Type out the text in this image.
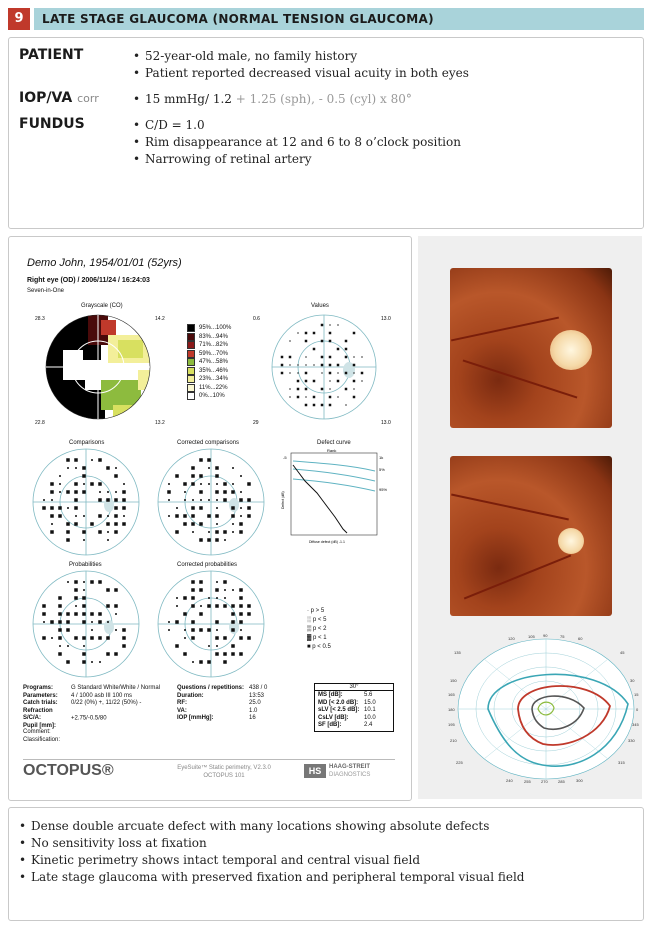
9	LATE STAGE GLAUCOMA (NORMAL TENSION GLAUCOMA)
PATIENT	• 52-year-old male, no family history
• Patient reported decreased visual acuity in both eyes
IOP/VA corr	• 15 mmHg/ 1.2 + 1.25 (sph), - 0.5 (cyl) x 80°
FUNDUS	• C/D = 1.0
• Rim disappearance at 12 and 6 to 8 o’clock position
• Narrowing of retinal artery
Demo John, 1954/01/01 (52yrs)
Right eye (OD) / 2006/11/24 / 16:24:03
Seven-in-One
Grayscale (CO)
28.3	14.2
22.8	13.2
95%...100%
83%...94%
71%...82%
59%...70%
47%...58%
35%...46%
23%...34%
11%...22%
0%...10%
Values
0.6	13.0
29	13.0
Comparisons	Corrected comparisons	Defect curve
Rank
-5	1k
5%
95%
Defect (dB)
Diffuse defect (dB) -1.1
Probabilities	Corrected probabilities
· p > 5
░ p < 5
▒ p < 2
▓ p < 1
■ p < 0.5
Programs:	G Standard White/White / Normal
Parameters: 4 / 1000 asb III 100 ms
Catch trials: 0/22 (0%) +, 11/22 (50%) -
Refraction S/C/A:	+2.75/-0.5/80
Pupil [mm]:
Questions / repetitions: 438 / 0
Duration:	13:53
RF:	25.0
VA:	1.0
IOP [mmHg]:	16
30°
MS [dB]:	5.6
MD [< 2.0 dB]: 15.0
sLV [< 2.5 dB]: 10.1
CsLV [dB]:	10.0
SF [dB]:	2.4
Comment:
Classification:
OCTOPUS®	EyeSuite™ Static perimetry, V2.3.0
OCTOPUS 101	HS	HAAG-STREIT
DIAGNOSTICS
120	105 90	75	60
45
30
15
0
345
330
315
135
150
165
180
195
210
225
240	255	270	285	300
• Dense double arcuate defect with many locations showing absolute defects
• No sensitivity loss at fixation
• Kinetic perimetry shows intact temporal and central visual field
• Late stage glaucoma with preserved fixation and peripheral temporal visual field
